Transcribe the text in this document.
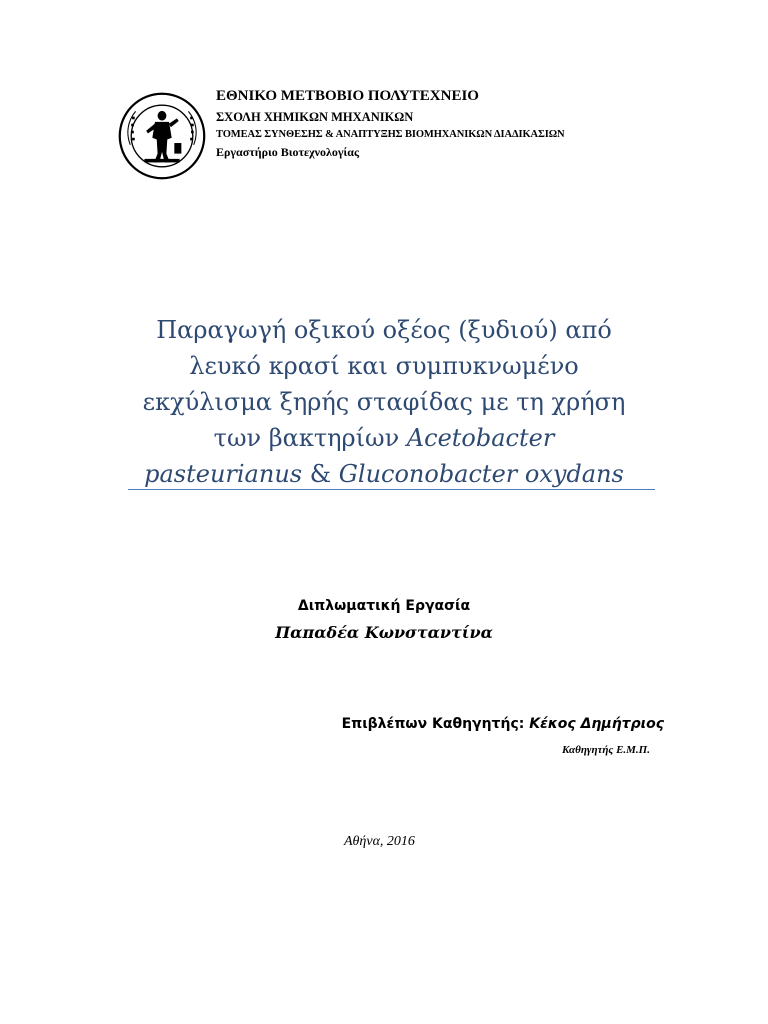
ΕΘΝΙΚΟ ΜΕΤΒΟΒΙΟ ΠΟΛΥΤΕΧΝΕΙΟ
ΣΧΟΛΗ ΧΗΜΙΚΩΝ ΜΗΧΑΝΙΚΩΝ
ΤΟΜΕΑΣ ΣΥΝΘΕΣΗΣ & ΑΝΑΠΤΥΞΗΣ ΒΙΟΜΗΧΑΝΙΚΩΝ ΔΙΑΔΙΚΑΣΙΩΝ
Εργαστήριο Βιοτεχνολογίας
Παραγωγή οξικού οξέος (ξυδιού) από
λευκό κρασί και συμπυκνωμένο
εκχύλισμα ξηρής σταφίδας με τη χρήση
των βακτηρίων Acetobacter
pasteurianus & Gluconobacter oxydans
Διπλωματική Εργασία
Παπαδέα Κωνσταντίνα
Επιβλέπων Καθηγητής: Κέκος Δημήτριος
Καθηγητής Ε.Μ.Π.
Αθήνα, 2016
